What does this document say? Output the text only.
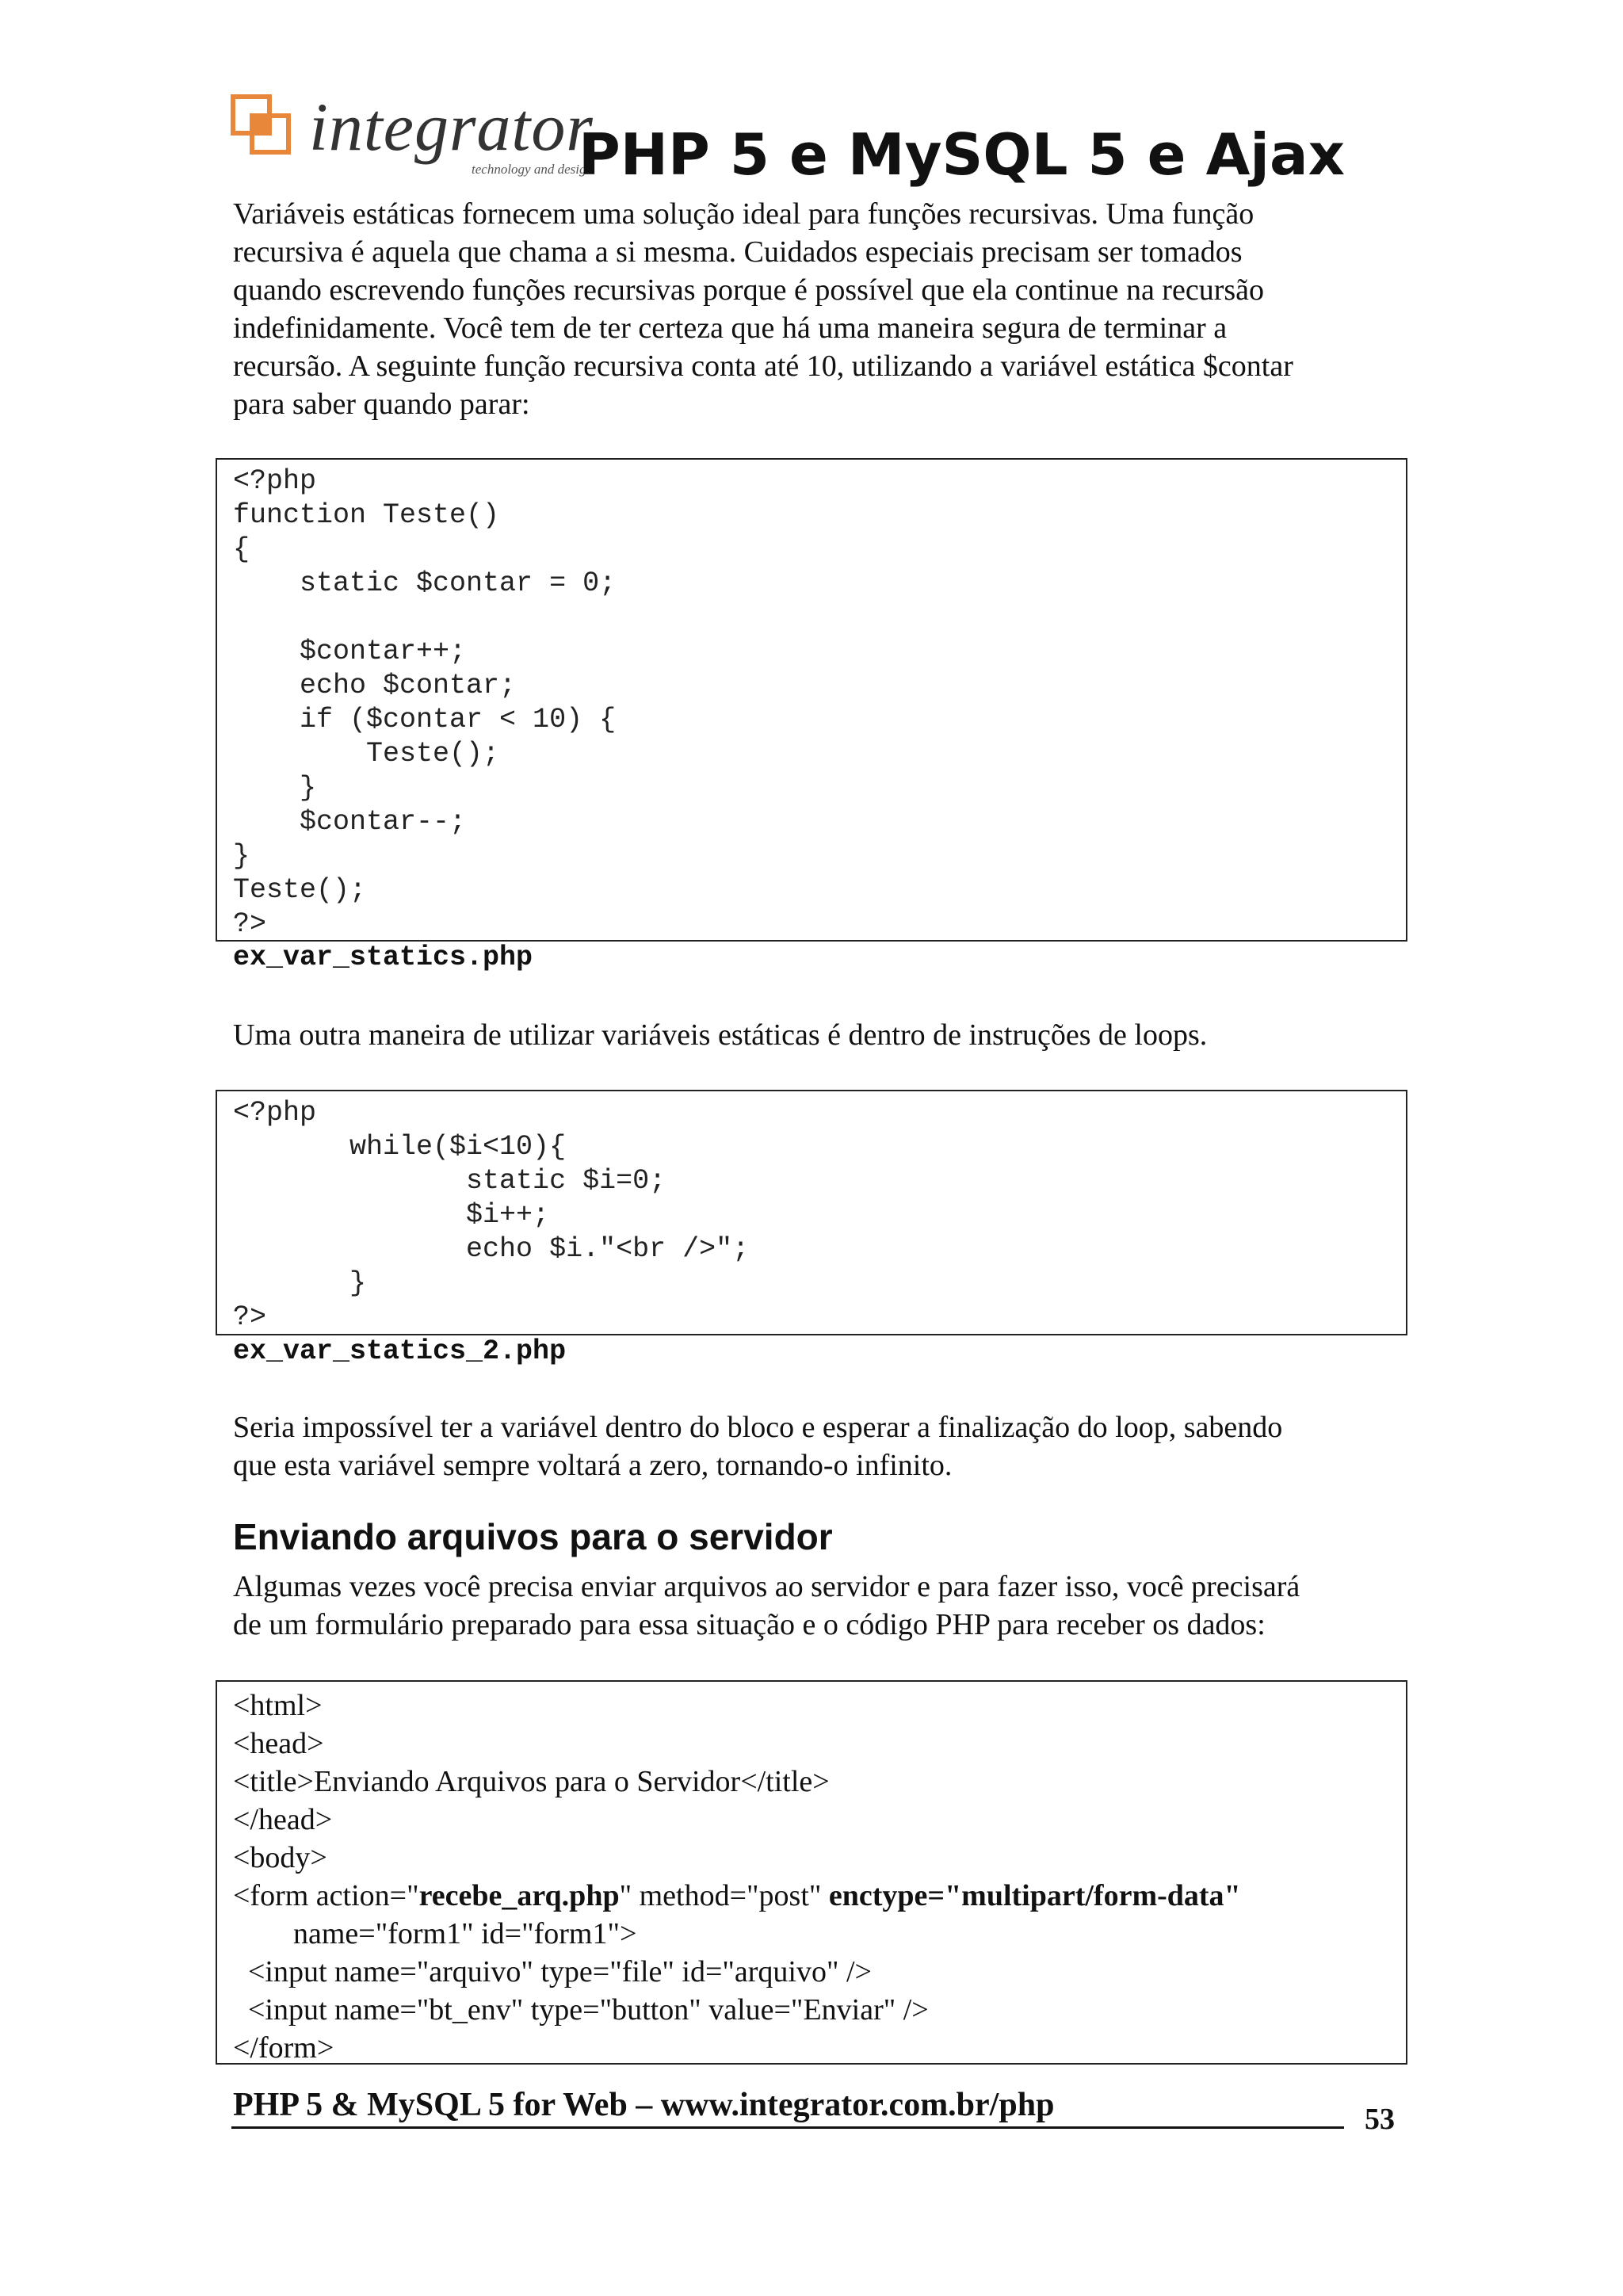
integrator
technology and design
PHP 5 e MySQL 5 e Ajax

Variáveis estáticas fornecem uma solução ideal para funções recursivas. Uma função

recursiva é aquela que chama a si mesma. Cuidados especiais precisam ser tomados

quando escrevendo funções recursivas porque é possível que ela continue na recursão

indefinidamente. Você tem de ter certeza que há uma maneira segura de terminar a

recursão. A seguinte função recursiva conta até 10, utilizando a variável estática $contar

para saber quando parar:

<?php
function Teste()
{
static $contar = 0;
$contar++;
echo $contar;
if ($contar < 10) {
Teste();
}
$contar--;
}
Teste();
?>
ex_var_statics.php

Uma outra maneira de utilizar variáveis estáticas é dentro de instruções de loops.

<?php
while($i<10){
static $i=0;
$i++;
echo $i."<br />";
}
?>
ex_var_statics_2.php

Seria impossível ter a variável dentro do bloco e esperar a finalização do loop, sabendo

que esta variável sempre voltará a zero, tornando-o infinito.

Enviando arquivos para o servidor

Algumas vezes você precisa enviar arquivos ao servidor e para fazer isso, você precisará

de um formulário preparado para essa situação e o código PHP para receber os dados:

<html>
<head>
<title>Enviando Arquivos para o Servidor</title>
</head>
<body>
<form action="recebe_arq.php" method="post" enctype="multipart/form-data"
name="form1" id="form1">
<input name="arquivo" type="file" id="arquivo" />
<input name="bt_env" type="button" value="Enviar" />
</form>
PHP 5 & MySQL 5 for Web – www.integrator.com.br/php	53
